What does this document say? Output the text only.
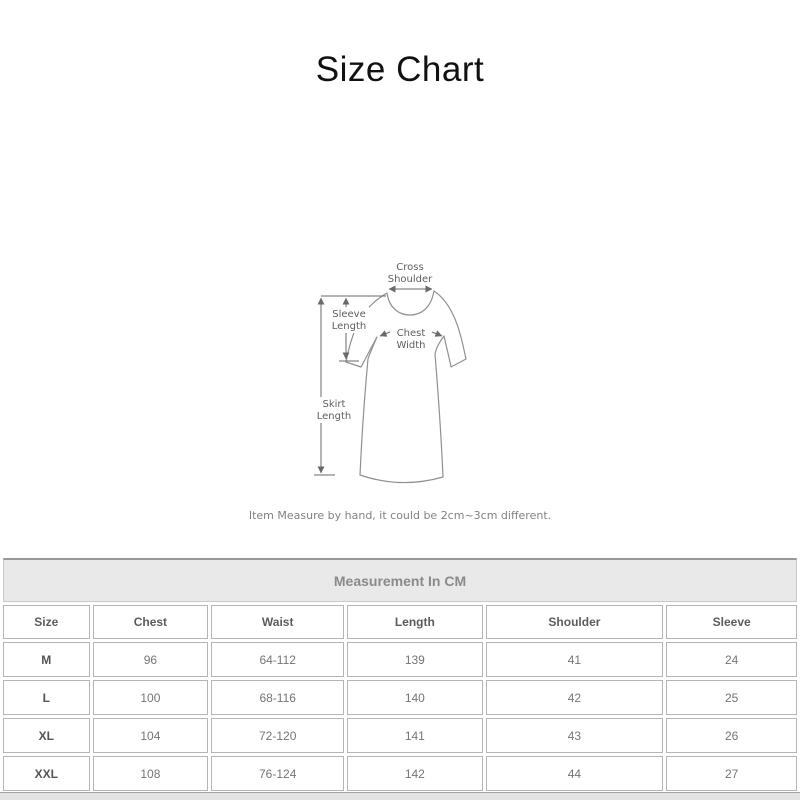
Size Chart
Cross
Shoulder
Sleeve
Length
Skirt
Length
Chest
Width
Item Measure by hand, it could be 2cm~3cm different.
Measurement In CM					
Size	Chest	Waist	Length	Shoulder	Sleeve
M	96	64-112	139	41	24
L	100	68-116	140	42	25
XL	104	72-120	141	43	26
XXL	108	76-124	142	44	27
